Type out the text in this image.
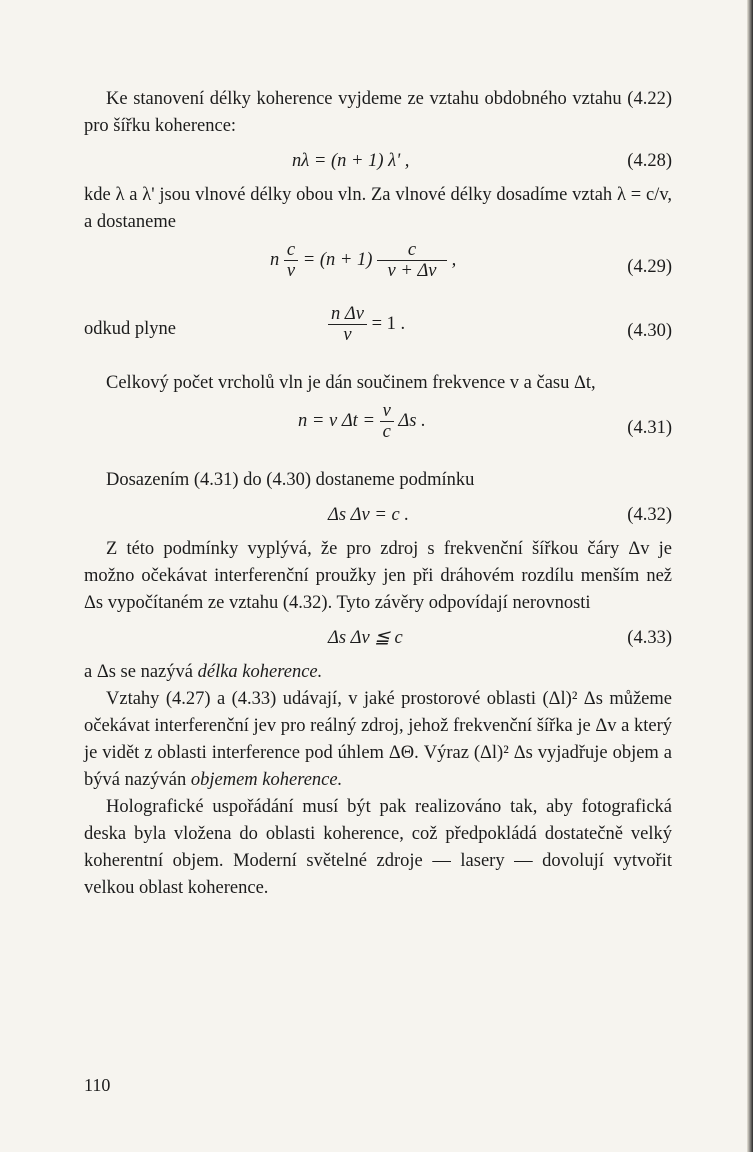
Ke stanovení délky koherence vyjdeme ze vztahu obdobného vztahu (4.22) pro šířku koherence:

nλ = (n + 1) λ' ,	(4.28)

kde λ a λ' jsou vlnové délky obou vln. Za vlnové délky dosadíme vztah λ = c/v, a dostaneme

n $\frac{c}{v} = (n + 1) \frac{c}{v + \Delta v}$ ,	(4.29)
odkud plyne	$\frac{\text{n Δv}}{v} = 1$ .	(4.30)

Celkový počet vrcholů vln je dán součinem frekvence v a času Δt,

n = v $\Delta t = \frac{v}{c}$ Δs .	(4.31)

Dosazením (4.31) do (4.30) dostaneme podmínku

Δs Δv = c .	(4.32)

Z této podmínky vyplývá, že pro zdroj s frekvenční šířkou čáry Δv je možno očekávat interferenční proužky jen při dráhovém rozdílu menším než Δs vypočítaném ze vztahu (4.32). Tyto závěry odpovídají nerovnosti

Δs Δv ≦ c	(4.33)

a Δs se nazývá délka koherence.

Vztahy (4.27) a (4.33) udávají, v jaké prostorové oblasti (Δl)² Δs můžeme očekávat interferenční jev pro reálný zdroj, jehož frekvenční šířka je Δv a který je vidět z oblasti interference pod úhlem ΔΘ. Výraz (Δl)² Δs vyjadřuje objem a bývá nazýván objemem koherence.

Holografické uspořádání musí být pak realizováno tak, aby fotografická deska byla vložena do oblasti koherence, což předpokládá dostatečně velký koherentní objem. Moderní světelné zdroje — lasery — dovolují vytvořit velkou oblast koherence.

110
